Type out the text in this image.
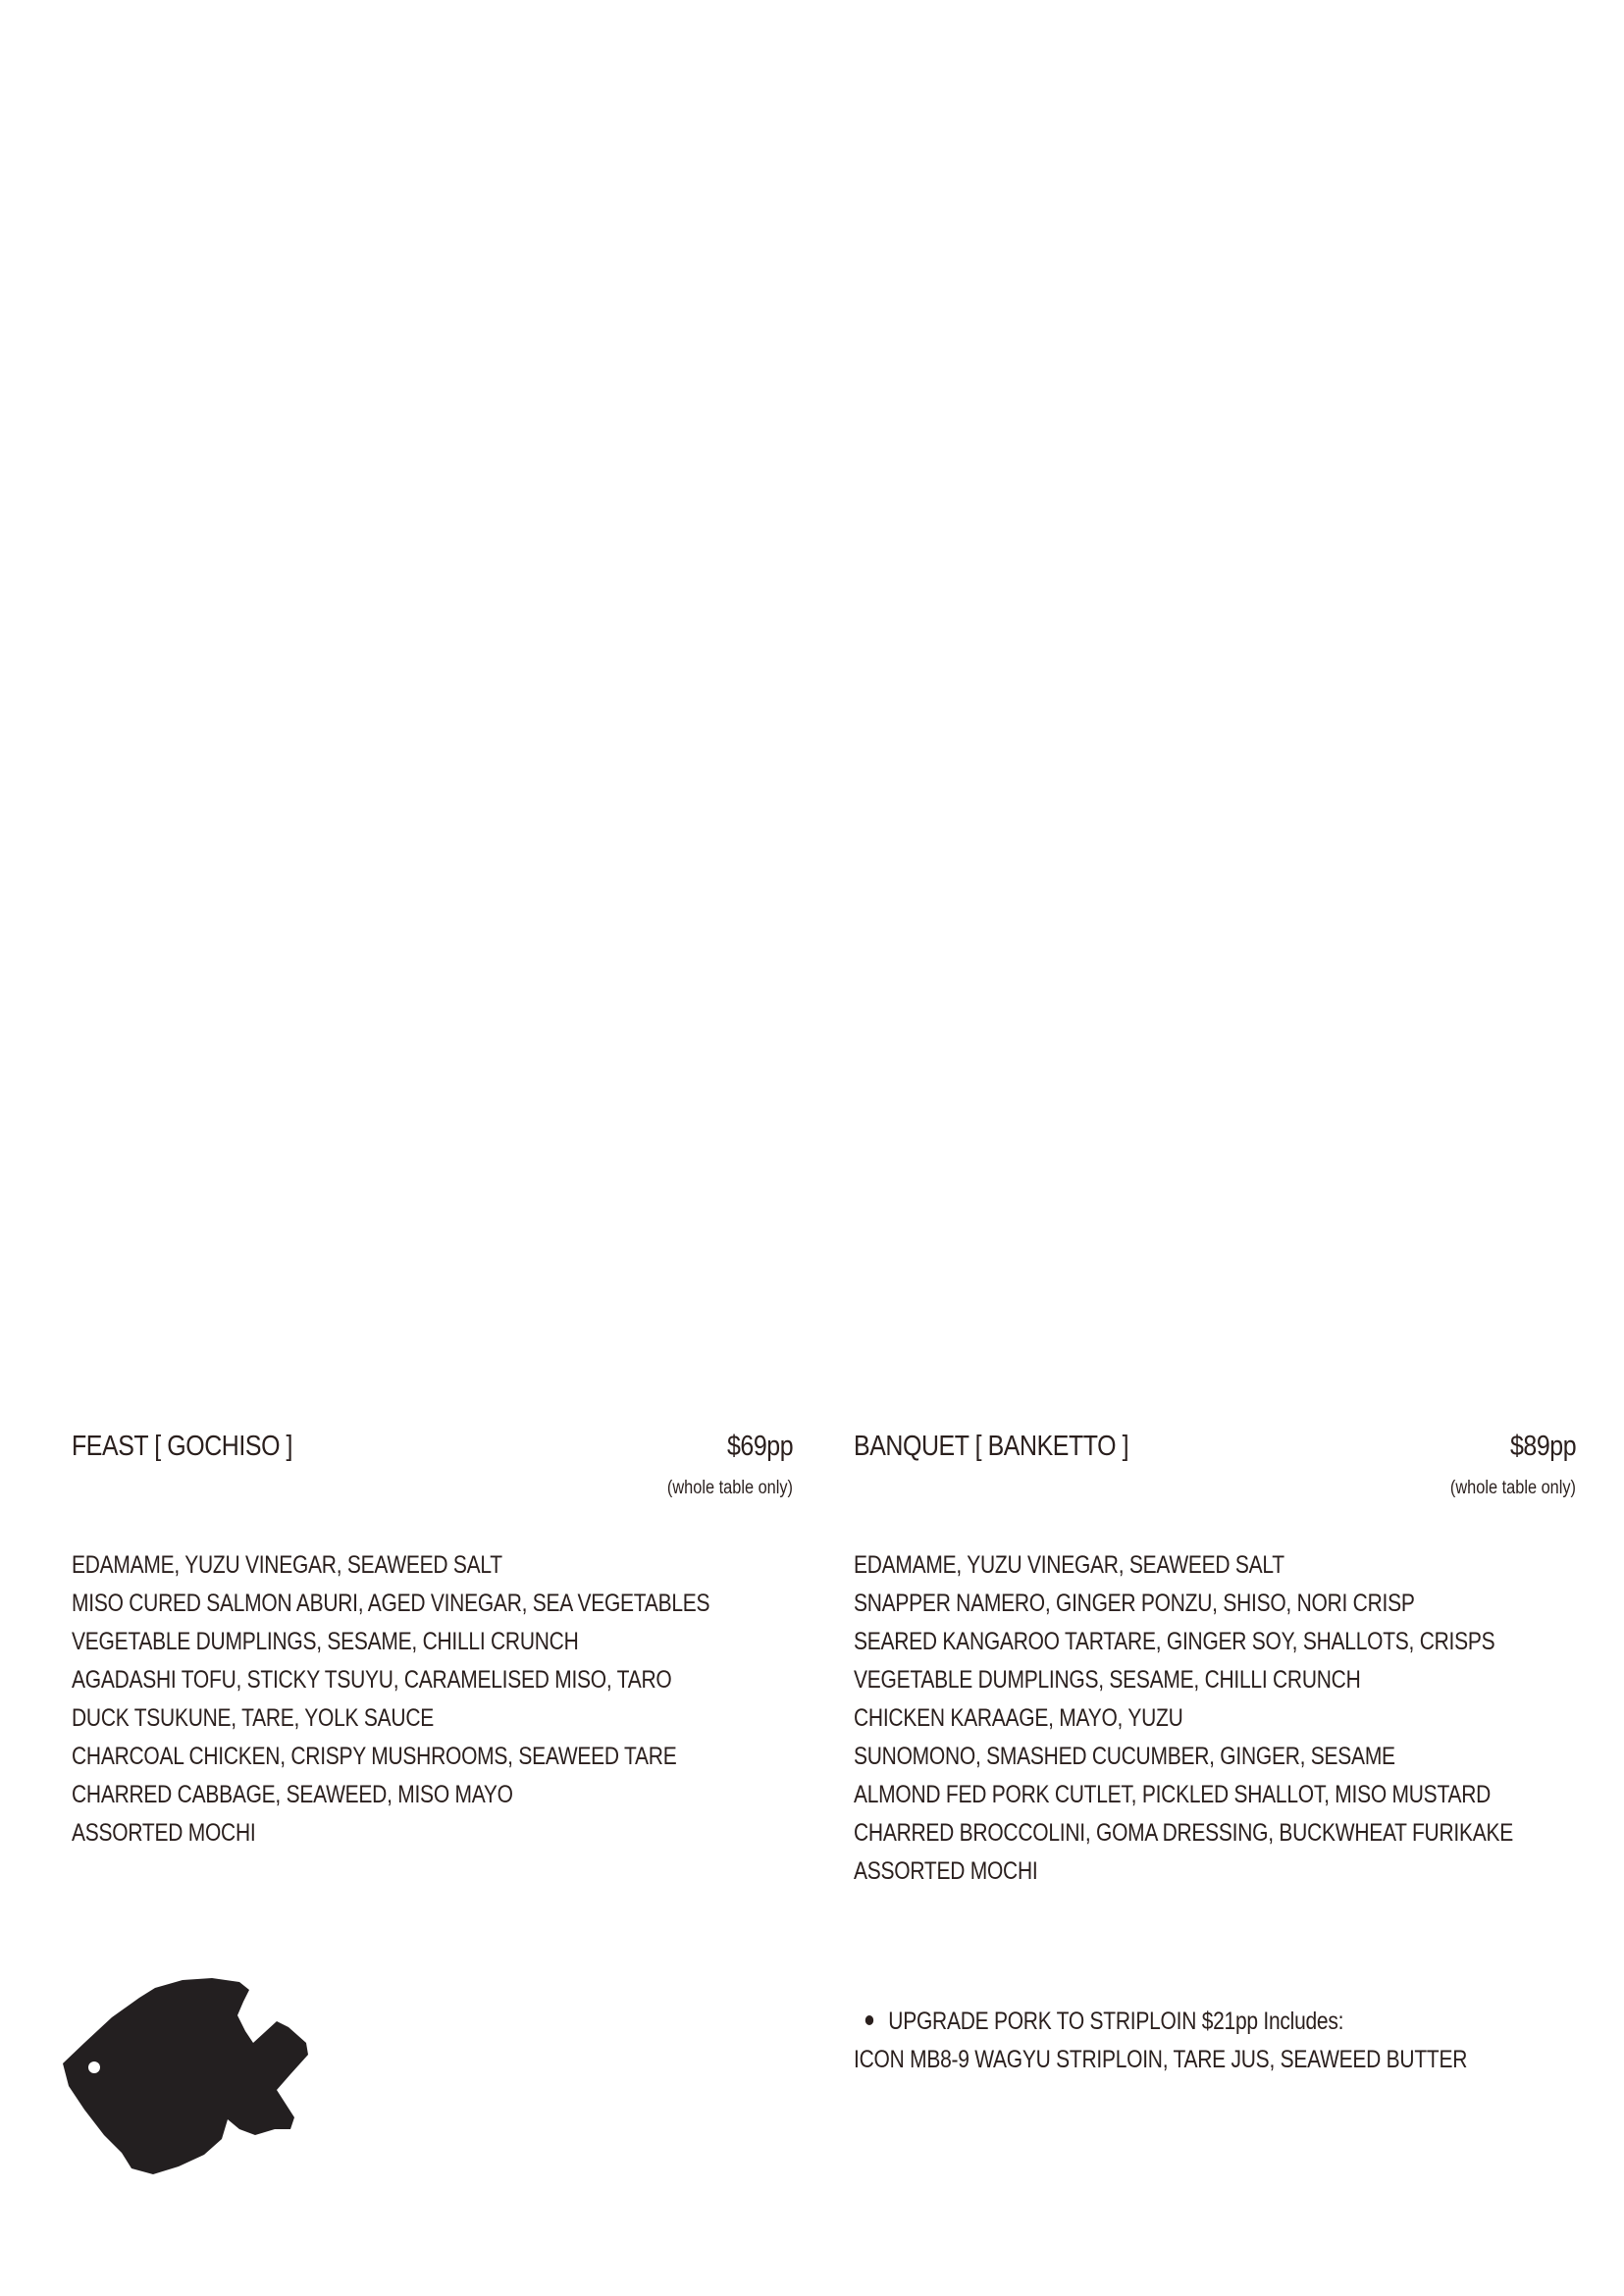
FEAST [ GOCHISO ]	$69pp
(whole table only)
EDAMAME, YUZU VINEGAR, SEAWEED SALT
MISO CURED SALMON ABURI, AGED VINEGAR, SEA VEGETABLES
VEGETABLE DUMPLINGS, SESAME, CHILLI CRUNCH
AGADASHI TOFU, STICKY TSUYU, CARAMELISED MISO, TARO
DUCK TSUKUNE, TARE, YOLK SAUCE
CHARCOAL CHICKEN, CRISPY MUSHROOMS, SEAWEED TARE
CHARRED CABBAGE, SEAWEED, MISO MAYO
ASSORTED MOCHI
BANQUET [ BANKETTO ]	$89pp
(whole table only)
EDAMAME, YUZU VINEGAR, SEAWEED SALT
SNAPPER NAMERO, GINGER PONZU, SHISO, NORI CRISP
SEARED KANGAROO TARTARE, GINGER SOY, SHALLOTS, CRISPS
VEGETABLE DUMPLINGS, SESAME, CHILLI CRUNCH
CHICKEN KARAAGE, MAYO, YUZU
SUNOMONO, SMASHED CUCUMBER, GINGER, SESAME
ALMOND FED PORK CUTLET, PICKLED SHALLOT, MISO MUSTARD
CHARRED BROCCOLINI, GOMA DRESSING, BUCKWHEAT FURIKAKE
ASSORTED MOCHI
UPGRADE PORK TO STRIPLOIN $21pp Includes:
ICON MB8-9 WAGYU STRIPLOIN, TARE JUS, SEAWEED BUTTER
